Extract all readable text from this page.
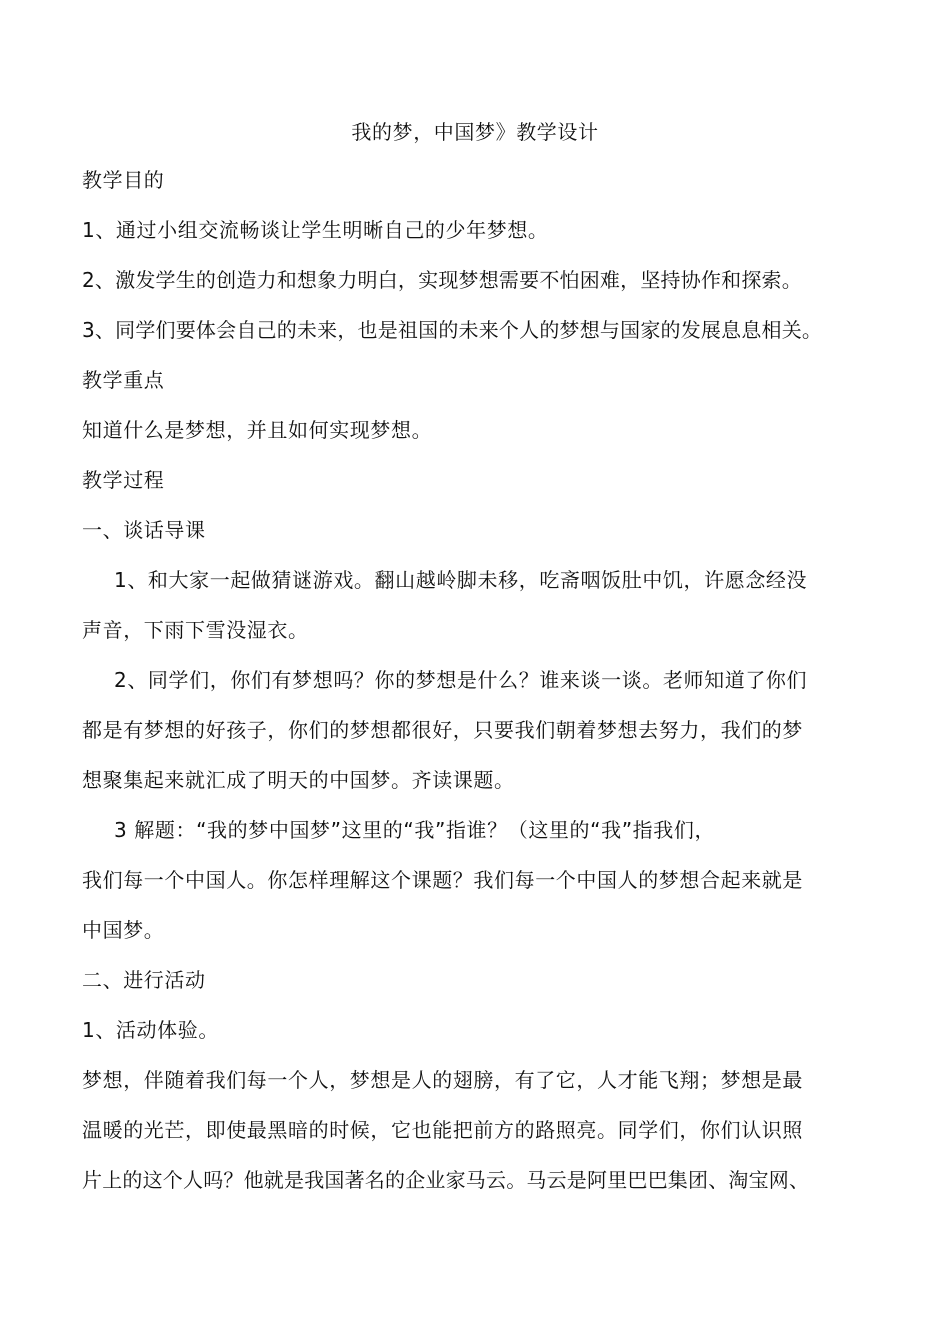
我的梦，中国梦》教学设计
教学目的
1、通过小组交流畅谈让学生明晰自己的少年梦想。
2、激发学生的创造力和想象力明白，实现梦想需要不怕困难，坚持协作和探索。
3、同学们要体会自己的未来，也是祖国的未来个人的梦想与国家的发展息息相关。
教学重点
知道什么是梦想，并且如何实现梦想。
教学过程
一、谈话导课
1、和大家一起做猜谜游戏。翻山越岭脚未移，吃斋咽饭肚中饥，许愿念经没
声音，下雨下雪没湿衣。
2、同学们，你们有梦想吗？你的梦想是什么？谁来谈一谈。老师知道了你们
都是有梦想的好孩子，你们的梦想都很好，只要我们朝着梦想去努力，我们的梦
想聚集起来就汇成了明天的中国梦。齐读课题。
3 解题：“我的梦中国梦”这里的“我”指谁？（这里的“我”指我们，
我们每一个中国人。你怎样理解这个课题？我们每一个中国人的梦想合起来就是
中国梦。
二、进行活动
1、活动体验。
梦想，伴随着我们每一个人，梦想是人的翅膀，有了它，人才能飞翔；梦想是最
温暖的光芒，即使最黑暗的时候，它也能把前方的路照亮。同学们，你们认识照
片上的这个人吗？他就是我国著名的企业家马云。马云是阿里巴巴集团、淘宝网、
